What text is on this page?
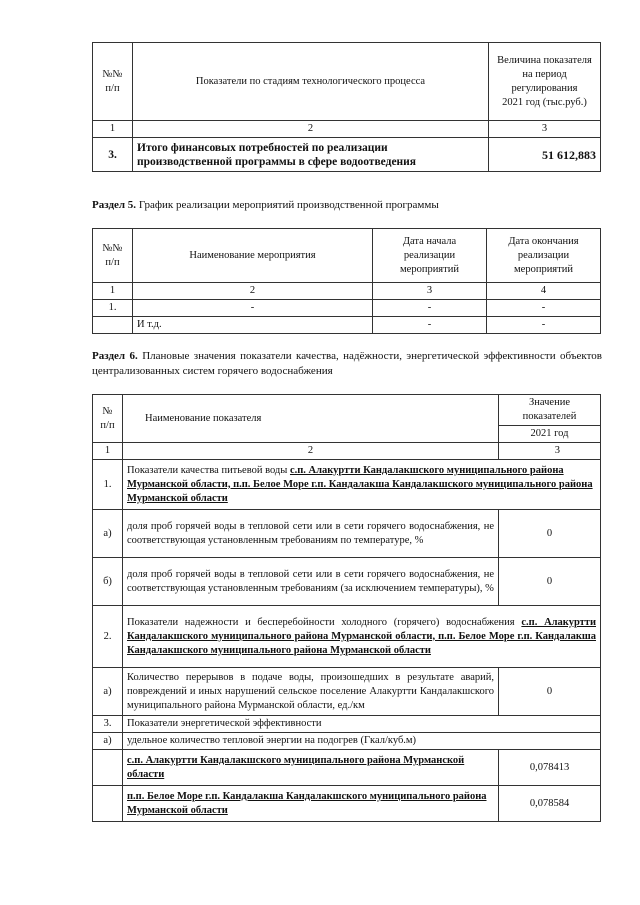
№№
п/п	Показатели по стадиям технологического процесса	Величина показателя
на период
регулирования
2021 год (тыс.руб.)
1	2	3
3.	Итого финансовых потребностей по реализации производственной программы в сфере водоотведения	51 612,883
Раздел 5. График реализации мероприятий производственной программы
№№
п/п	Наименование мероприятия	Дата начала
реализации
мероприятий	Дата окончания
реализации
мероприятий
1	2	3	4
1.	-	-	-
	И т.д.	-	-
Раздел 6. Плановые значения показатели качества, надёжности, энергетической эффективности объектов централизованных систем горячего водоснабжения
№
п/п	Наименование показателя	Значение
показателей
		2021 год
1	2	3
1.	Показатели качества питьевой воды с.п. Алакуртти Кандалакшского муниципального района Мурманской области, п.п. Белое Море г.п. Кандалакша Кандалакшского муниципального района Мурманской области	
а)	доля проб горячей воды в тепловой сети или в сети горячего водоснабжения, не соответствующая установленным требованиям по температуре, %	0
б)	доля проб горячей воды в тепловой сети или в сети горячего водоснабжения, не соответствующая установленным требованиям (за исключением температуры), %	0
2.	Показатели надежности и бесперебойности холодного (горячего) водоснабжения с.п. Алакуртти Кандалакшского муниципального района Мурманской области, п.п. Белое Море г.п. Кандалакша Кандалакшского муниципального района Мурманской области	
а)	Количество перерывов в подаче воды, произошедших в результате аварий, повреждений и иных нарушений сельское поселение Алакуртти Кандалакшского муниципального района Мурманской области, ед./км	0
3.	Показатели энергетической эффективности	
а)	удельное количество тепловой энергии на подогрев (Гкал/куб.м)	
	с.п. Алакуртти Кандалакшского муниципального района Мурманской области	0,078413
	п.п. Белое Море г.п. Кандалакша Кандалакшского муниципального района Мурманской области	0,078584
